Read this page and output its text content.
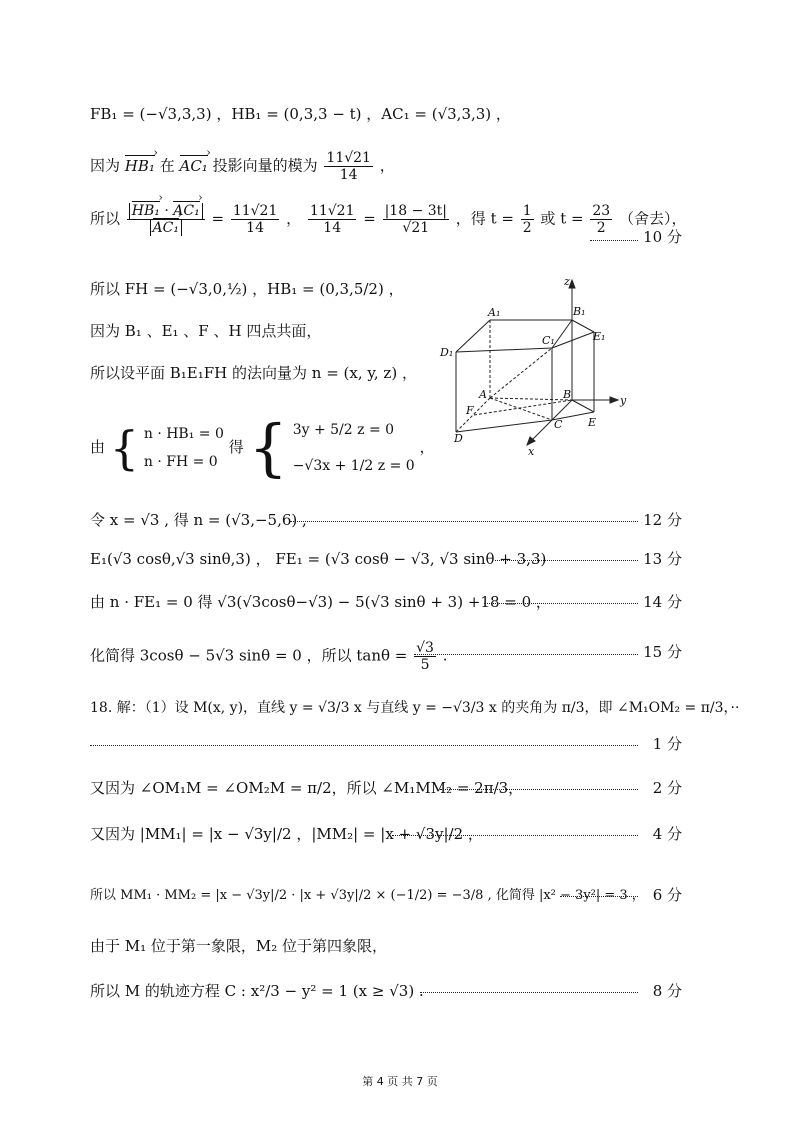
FB₁ = (−√3,3,3) ，HB₁ = (0,3,3 − t) ，AC₁ = (√3,3,3) ，
因为 HB₁ › 在 AC₁ › 投影向量的模为 $\frac{11√21}{14}$ ，
所以 $\frac{\text{HB₁ › · AC₁ ›}}{\text{AC₁}}$ › = $\frac{11√21}{14}$ ， $\frac{11√21}{14} = \frac{|18 - 3t|}{√21}$ ，得 $t = \frac{1}{2}$ 或 $t = \frac{23}{2}$ （舍去），
10 分
所以 FH = (−√3,0,½) ，HB₁ = (0,3,5/2) ，
因为 B₁ 、E₁ 、F 、H 四点共面，
所以设平面 B₁E₁FH 的法向量为 n = (x, y, z) ，
由 { n · HB₁ = 0
n · FH = 0
得 { 3y + 5/2 z = 0
−√3x + 1/2 z = 0
，
z
A₁	B₁
E₁
D₁
C₁
A	B	y
F
D
C E
x
令 x = √3 , 得 n = (√3,−5,6) ,	12 分
E₁(√3 cosθ,√3 sinθ,3) ， FE₁ = (√3 cosθ − √3, √3 sinθ + 3,3)	13 分
由 n · FE₁ = 0 得 √3(√3cosθ−√3) − 5(√3 sinθ + 3) +18 = 0 ，	14 分
化简得 3cosθ − 5√3 sinθ = 0 ，所以 $\tan\theta = \frac{√3}{5}$ .	15 分
18. 解：（1）设 M(x, y)，直线 y = √3/3 x 与直线 y = −√3/3 x 的夹角为 π/3，即 ∠M₁OM₂ = π/3，··
1 分
又因为 ∠OM₁M = ∠OM₂M = π/2，所以 ∠M₁MM₂ = 2π/3，	2 分
又因为 |MM₁| = |x − √3y|/2 ，|MM₂| = |x + √3y|/2 ，	4 分
所以 MM₁ · MM₂ = |x − √3y|/2 · |x + √3y|/2 × (−1/2) = −3/8 , 化简得 |x² − 3y²| = 3 ， 6 分
由于 M₁ 位于第一象限，M₂ 位于第四象限，
所以 M 的轨迹方程 C : x²/3 − y² = 1 (x ≥ √3) .	8 分
第 4 页 共 7 页
